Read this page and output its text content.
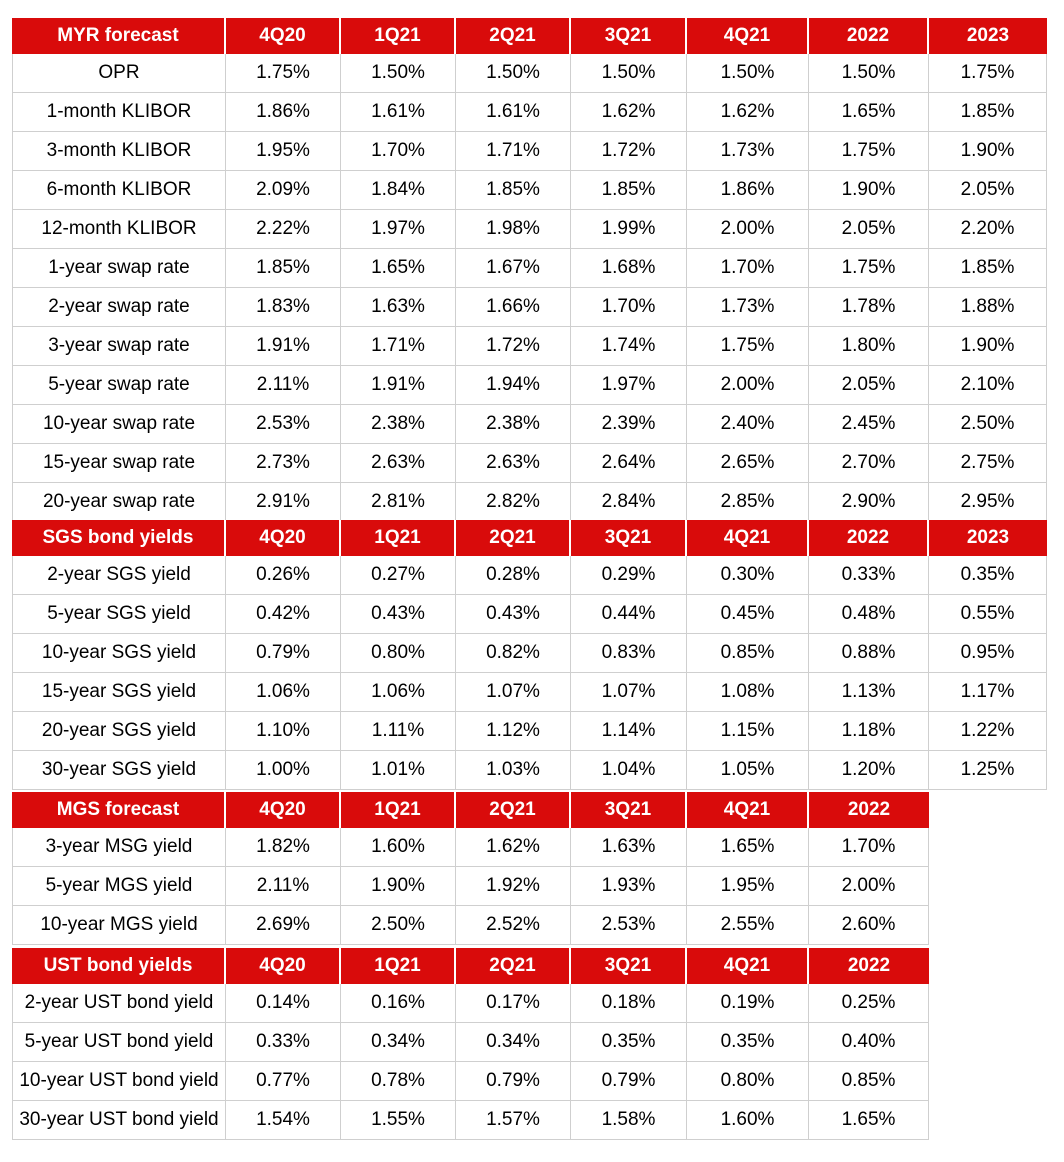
MYR forecast	4Q20	1Q21	2Q21	3Q21	4Q21	2022	2023
OPR	1.75%	1.50%	1.50%	1.50%	1.50%	1.50%	1.75%
1-month KLIBOR	1.86%	1.61%	1.61%	1.62%	1.62%	1.65%	1.85%
3-month KLIBOR	1.95%	1.70%	1.71%	1.72%	1.73%	1.75%	1.90%
6-month KLIBOR	2.09%	1.84%	1.85%	1.85%	1.86%	1.90%	2.05%
12-month KLIBOR	2.22%	1.97%	1.98%	1.99%	2.00%	2.05%	2.20%
1-year swap rate	1.85%	1.65%	1.67%	1.68%	1.70%	1.75%	1.85%
2-year swap rate	1.83%	1.63%	1.66%	1.70%	1.73%	1.78%	1.88%
3-year swap rate	1.91%	1.71%	1.72%	1.74%	1.75%	1.80%	1.90%
5-year swap rate	2.11%	1.91%	1.94%	1.97%	2.00%	2.05%	2.10%
10-year swap rate	2.53%	2.38%	2.38%	2.39%	2.40%	2.45%	2.50%
15-year swap rate	2.73%	2.63%	2.63%	2.64%	2.65%	2.70%	2.75%
20-year swap rate	2.91%	2.81%	2.82%	2.84%	2.85%	2.90%	2.95%
SGS bond yields	4Q20	1Q21	2Q21	3Q21	4Q21	2022	2023
2-year SGS yield	0.26%	0.27%	0.28%	0.29%	0.30%	0.33%	0.35%
5-year SGS yield	0.42%	0.43%	0.43%	0.44%	0.45%	0.48%	0.55%
10-year SGS yield	0.79%	0.80%	0.82%	0.83%	0.85%	0.88%	0.95%
15-year SGS yield	1.06%	1.06%	1.07%	1.07%	1.08%	1.13%	1.17%
20-year SGS yield	1.10%	1.11%	1.12%	1.14%	1.15%	1.18%	1.22%
30-year SGS yield	1.00%	1.01%	1.03%	1.04%	1.05%	1.20%	1.25%
MGS forecast	4Q20	1Q21	2Q21	3Q21	4Q21	2022
3-year MSG yield	1.82%	1.60%	1.62%	1.63%	1.65%	1.70%
5-year MGS yield	2.11%	1.90%	1.92%	1.93%	1.95%	2.00%
10-year MGS yield	2.69%	2.50%	2.52%	2.53%	2.55%	2.60%
UST bond yields	4Q20	1Q21	2Q21	3Q21	4Q21	2022
2-year UST bond yield	0.14%	0.16%	0.17%	0.18%	0.19%	0.25%
5-year UST bond yield	0.33%	0.34%	0.34%	0.35%	0.35%	0.40%
10-year UST bond yield	0.77%	0.78%	0.79%	0.79%	0.80%	0.85%
30-year UST bond yield	1.54%	1.55%	1.57%	1.58%	1.60%	1.65%
